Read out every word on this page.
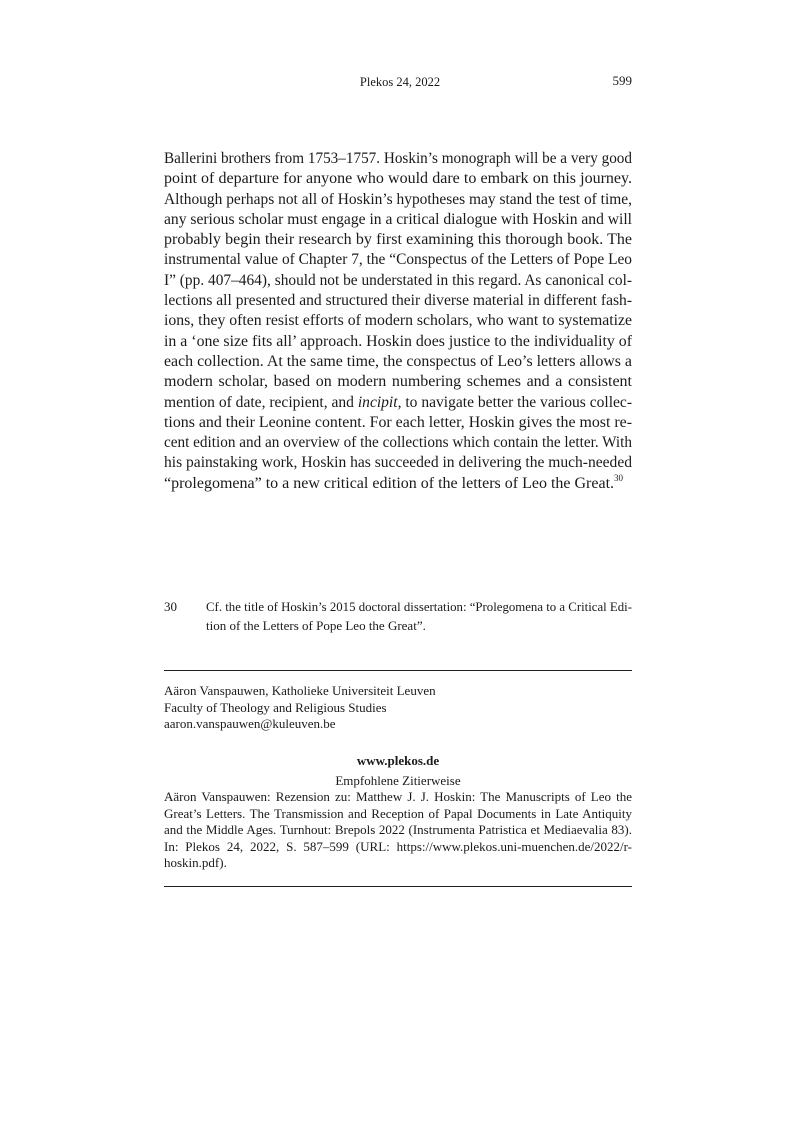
Plekos 24, 2022	599
Ballerini brothers from 1753–1757. Hoskin’s monograph will be a very good
point of departure for anyone who would dare to embark on this journey.
Although perhaps not all of Hoskin’s hypotheses may stand the test of time,
any serious scholar must engage in a critical dialogue with Hoskin and will
probably begin their research by first examining this thorough book. The
instrumental value of Chapter 7, the “Conspectus of the Letters of Pope Leo
I” (pp. 407–464), should not be understated in this regard. As canonical col-
lections all presented and structured their diverse material in different fash-
ions, they often resist efforts of modern scholars, who want to systematize
in a ‘one size fits all’ approach. Hoskin does justice to the individuality of
each collection. At the same time, the conspectus of Leo’s letters allows a
modern scholar, based on modern numbering schemes and a consistent
mention of date, recipient, and incipit, to navigate better the various collec-
tions and their Leonine content. For each letter, Hoskin gives the most re-
cent edition and an overview of the collections which contain the letter. With
his painstaking work, Hoskin has succeeded in delivering the much-needed
“prolegomena” to a new critical edition of the letters of Leo the Great.$^{30}$
30 Cf. the title of Hoskin’s 2015 doctoral dissertation: “Prolegomena to a Critical Edi-
tion of the Letters of Pope Leo the Great”.
Aäron Vanspauwen, Katholieke Universiteit Leuven
Faculty of Theology and Religious Studies
aaron.vanspauwen@kuleuven.be
www.plekos.de
Empfohlene Zitierweise
Aäron Vanspauwen: Rezension zu: Matthew J. J. Hoskin: The Manuscripts of Leo the
Great’s Letters. The Transmission and Reception of Papal Documents in Late Antiquity
and the Middle Ages. Turnhout: Brepols 2022 (Instrumenta Patristica et Mediaevalia 83).
In: Plekos 24, 2022, S. 587–599 (URL: https://www.plekos.uni-muenchen.de/2022/r-
hoskin.pdf).
